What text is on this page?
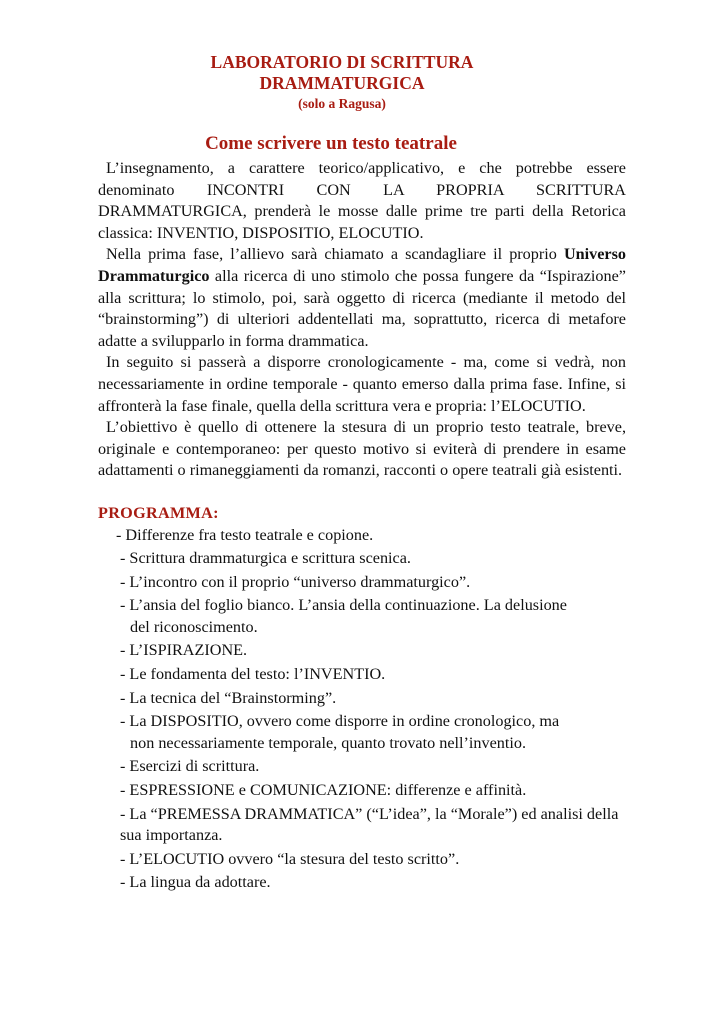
LABORATORIO DI SCRITTURA
DRAMMATURGICA
(solo a Ragusa)
Come scrivere un testo teatrale

L’insegnamento, a carattere teorico/applicativo, e che potrebbe essere denominato INCONTRI CON LA PROPRIA SCRITTURA DRAMMATURGICA, prenderà le mosse dalle prime tre parti della Retorica classica: INVENTIO, DISPOSITIO, ELOCUTIO.

Nella prima fase, l’allievo sarà chiamato a scandagliare il proprio Universo Drammaturgico alla ricerca di uno stimolo che possa fungere da “Ispirazione” alla scrittura; lo stimolo, poi, sarà oggetto di ricerca (mediante il metodo del “brainstorming”) di ulteriori addentellati ma, soprattutto, ricerca di metafore adatte a svilupparlo in forma drammatica.

In seguito si passerà a disporre cronologicamente - ma, come si vedrà, non necessariamente in ordine temporale - quanto emerso dalla prima fase. Infine, si affronterà la fase finale, quella della scrittura vera e propria: l’ELOCUTIO.

L’obiettivo è quello di ottenere la stesura di un proprio testo teatrale, breve, originale e contemporaneo: per questo motivo si eviterà di prendere in esame adattamenti o rimaneggiamenti da romanzi, racconti o opere teatrali già esistenti.

PROGRAMMA:
- Differenze fra testo teatrale e copione.
- Scrittura drammaturgica e scrittura scenica.
- L’incontro con il proprio “universo drammaturgico”.
- L’ansia del foglio bianco. L’ansia della continuazione. La delusione
del riconoscimento.
- L’ISPIRAZIONE.
- Le fondamenta del testo: l’INVENTIO.
- La tecnica del “Brainstorming”.
- La DISPOSITIO, ovvero come disporre in ordine cronologico, ma
non necessariamente temporale, quanto trovato nell’inventio.
- Esercizi di scrittura.
- ESPRESSIONE e COMUNICAZIONE: differenze e affinità.
- La “PREMESSA DRAMMATICA” (“L’idea”, la “Morale”) ed analisi della sua importanza.
- L’ELOCUTIO ovvero “la stesura del testo scritto”.
- La lingua da adottare.
